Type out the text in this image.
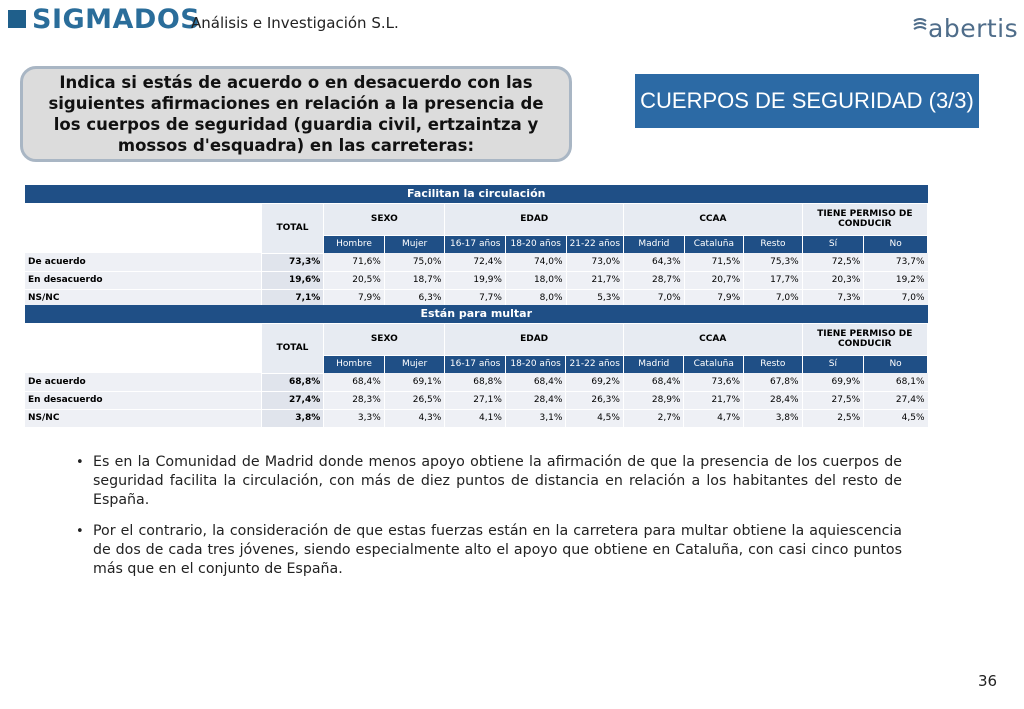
SIGMADOS
Análisis e Investigación S.L.	abertis
Indica si estás de acuerdo o en desacuerdo con las siguientes afirmaciones en relación a la presencia de los cuerpos de seguridad (guardia civil, ertzaintza y mossos d'esquadra) en las carreteras:
CUERPOS DE SEGURIDAD (3/3)
Facilitan la circulación											
	TOTAL	SEXO		EDAD			CCAA			TIENE PERMISO DE CONDUCIR	
		Hombre	Mujer	16-17 años	18-20 años	21-22 años	Madrid	Cataluña	Resto	Sí	No
De acuerdo	73,3%	71,6%	75,0%	72,4%	74,0%	73,0%	64,3%	71,5%	75,3%	72,5%	73,7%
En desacuerdo	19,6%	20,5%	18,7%	19,9%	18,0%	21,7%	28,7%	20,7%	17,7%	20,3%	19,2%
NS/NC	7,1%	7,9%	6,3%	7,7%	8,0%	5,3%	7,0%	7,9%	7,0%	7,3%	7,0%
Están para multar											
	TOTAL	SEXO		EDAD			CCAA			TIENE PERMISO DE CONDUCIR	
		Hombre	Mujer	16-17 años	18-20 años	21-22 años	Madrid	Cataluña	Resto	Sí	No
De acuerdo	68,8%	68,4%	69,1%	68,8%	68,4%	69,2%	68,4%	73,6%	67,8%	69,9%	68,1%
En desacuerdo	27,4%	28,3%	26,5%	27,1%	28,4%	26,3%	28,9%	21,7%	28,4%	27,5%	27,4%
NS/NC	3,8%	3,3%	4,3%	4,1%	3,1%	4,5%	2,7%	4,7%	3,8%	2,5%	4,5%
• Es en la Comunidad de Madrid donde menos apoyo obtiene la afirmación de que la presencia de los cuerpos de seguridad facilita la circulación, con más de diez puntos de distancia en relación a los habitantes del resto de España.
• Por el contrario, la consideración de que estas fuerzas están en la carretera para multar obtiene la aquiescencia de dos de cada tres jóvenes, siendo especialmente alto el apoyo que obtiene en Cataluña, con casi cinco puntos más que en el conjunto de España.
36
